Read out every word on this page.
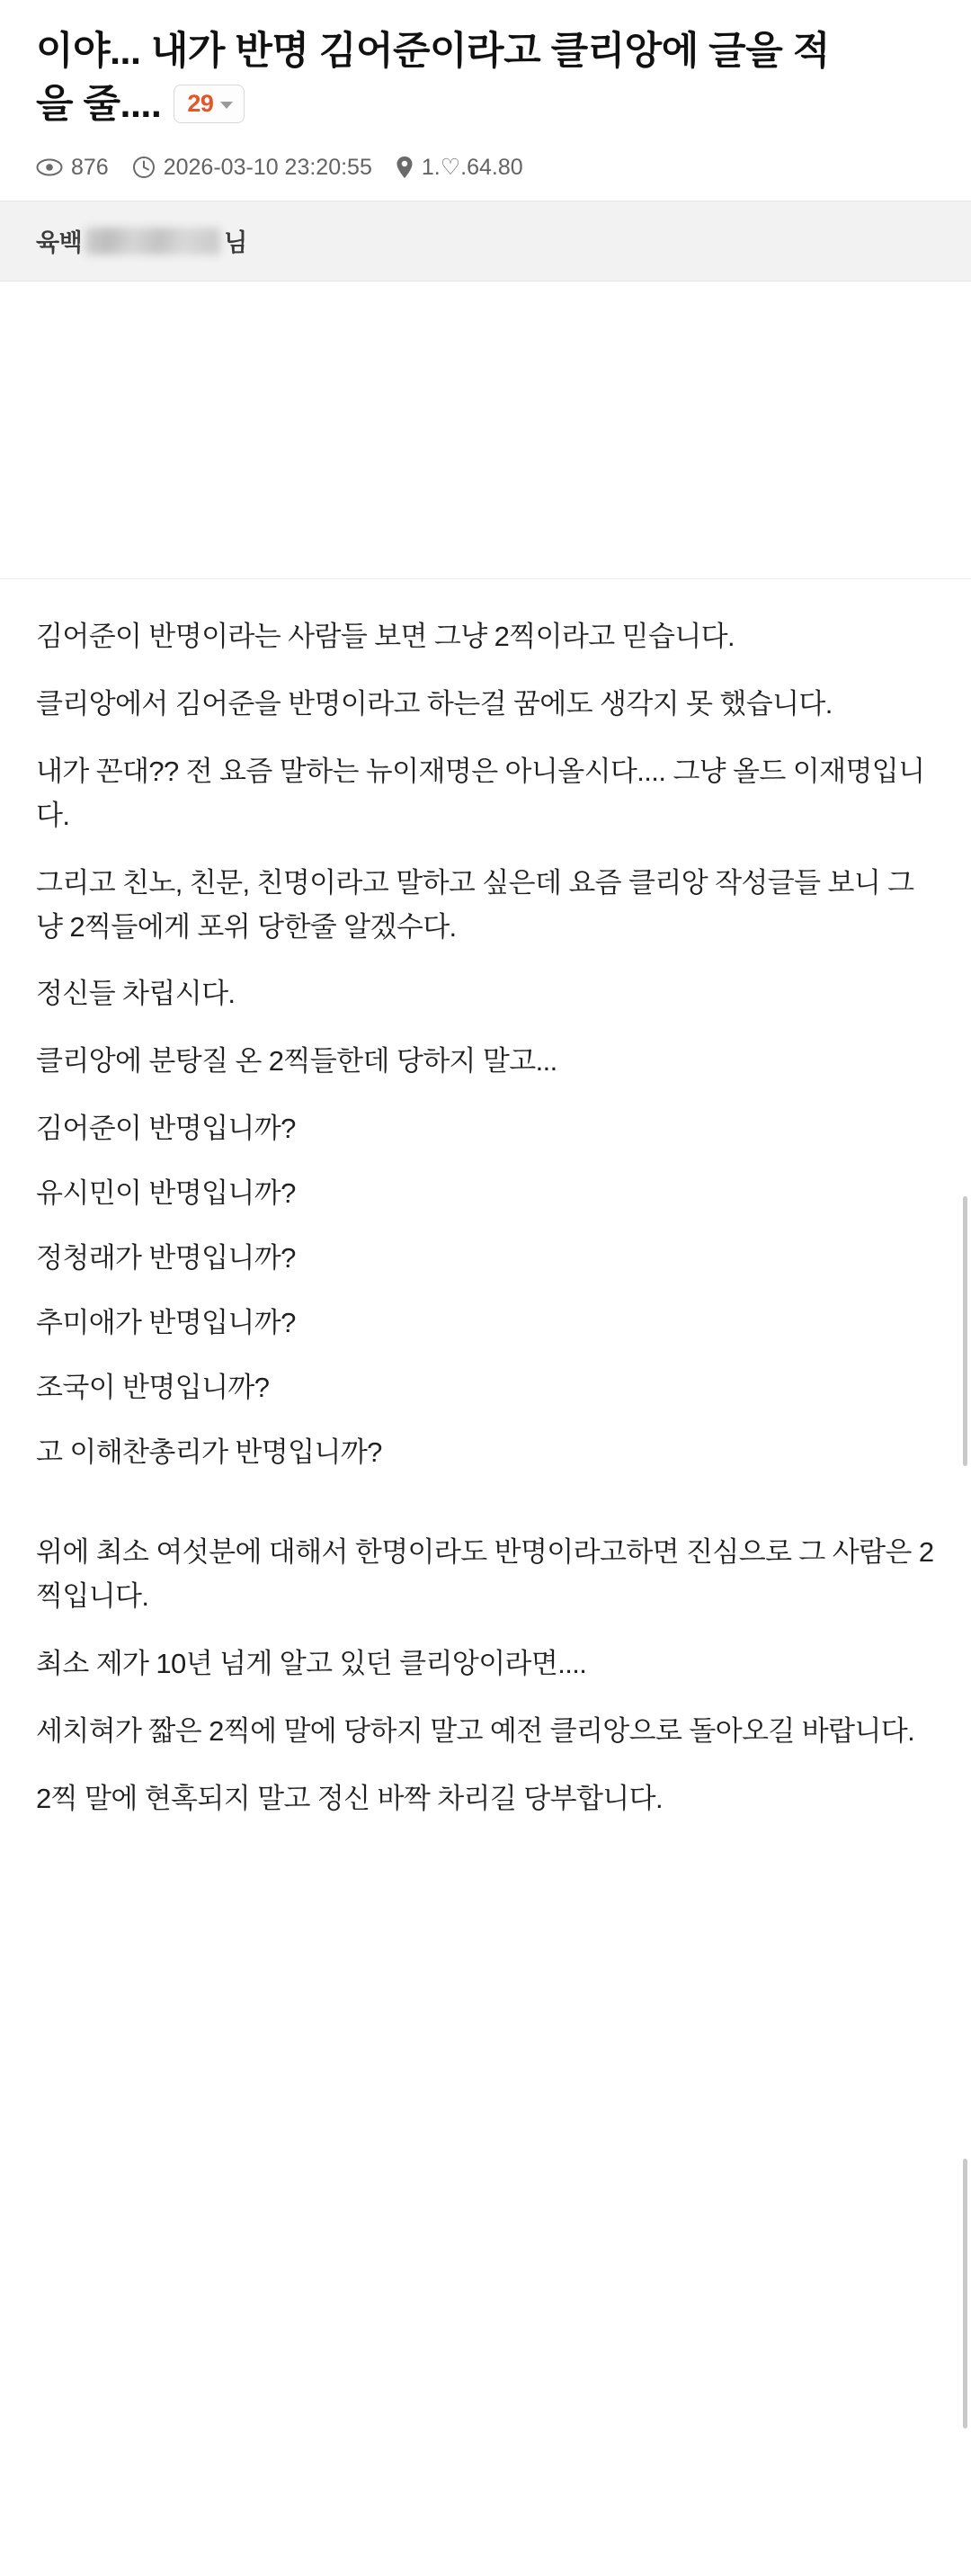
이야... 내가 반명 김어준이라고 클리앙에 글을 적
을 줄.... 29
876 2026-03-10 23:20:55 1.♡.64.80
육백	님

김어준이 반명이라는 사람들 보면 그냥 2찍이라고 믿습니다.

클리앙에서 김어준을 반명이라고 하는걸 꿈에도 생각지 못 했습니다.

내가 꼰대?? 전 요즘 말하는 뉴이재명은 아니올시다.... 그냥 올드 이재명입니다.

그리고 친노, 친문, 친명이라고 말하고 싶은데 요즘 클리앙 작성글들 보니 그냥 2찍들에게 포위 당한줄 알겠수다.

정신들 차립시다.

클리앙에 분탕질 온 2찍들한데 당하지 말고...

김어준이 반명입니까?

유시민이 반명입니까?

정청래가 반명입니까?

추미애가 반명입니까?

조국이 반명입니까?

고 이해찬총리가 반명입니까?

위에 최소 여섯분에 대해서 한명이라도 반명이라고하면 진심으로 그 사람은 2찍입니다.

최소 제가 10년 넘게 알고 있던 클리앙이라면....

세치혀가 짧은 2찍에 말에 당하지 말고 예전 클리앙으로 돌아오길 바랍니다.

2찍 말에 현혹되지 말고 정신 바짝 차리길 당부합니다.
